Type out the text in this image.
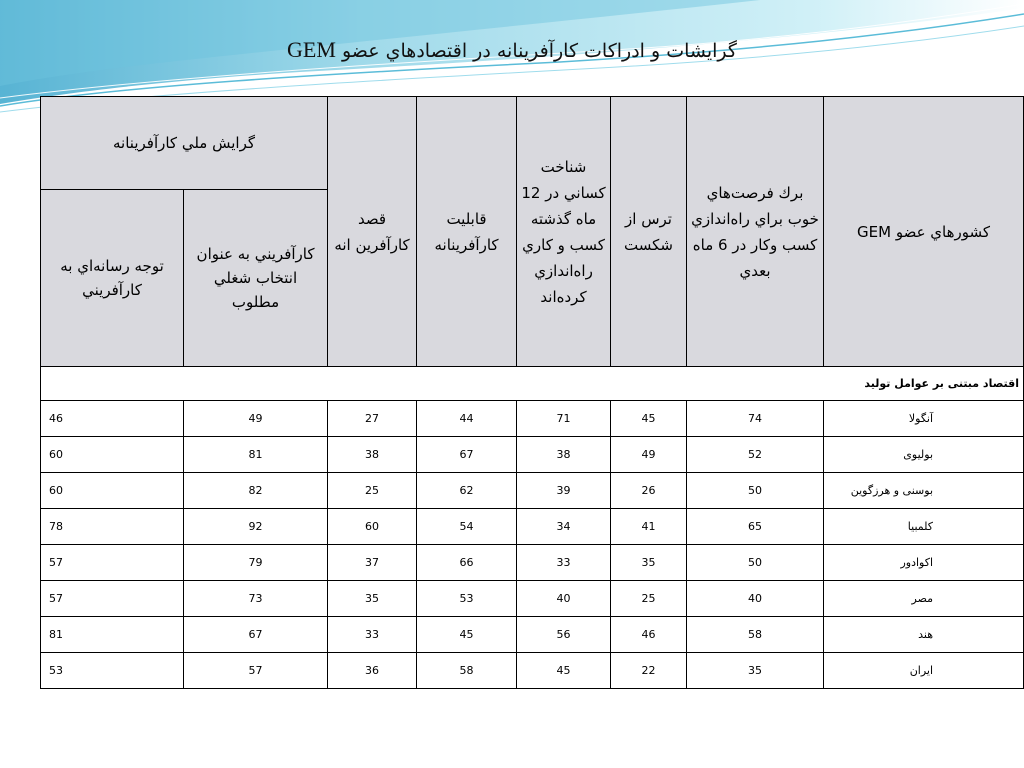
گرايشات و ادراکات کارآفرينانه در اقتصادهاي عضو GEM
کشورهاي عضو GEM	برك فرصت‌هاي خوب براي راه‌اندازي كسب وكار در 6 ماه بعدي	ترس از شكست	شناخت كساني در 12 ماه گذشته كسب و كاري راه‌اندازي كرده‌اند	قابليت كارآفرينانه	قصد كارآفرين انه	گرايش ملي كارآفرينانه	
						كارآفريني به عنوان انتخاب شغلي مطلوب	توجه رسانه‌اي به كارآفريني
اقتصاد مبتنی بر عوامل تولید							
آنگولا	74	45	71	44	27	49	46
بولیوی	52	49	38	67	38	81	60
بوسنی و هرزگوین	50	26	39	62	25	82	60
کلمبیا	65	41	34	54	60	92	78
اکوادور	50	35	33	66	37	79	57
مصر	40	25	40	53	35	73	57
هند	58	46	56	45	33	67	81
ایران	35	22	45	58	36	57	53
